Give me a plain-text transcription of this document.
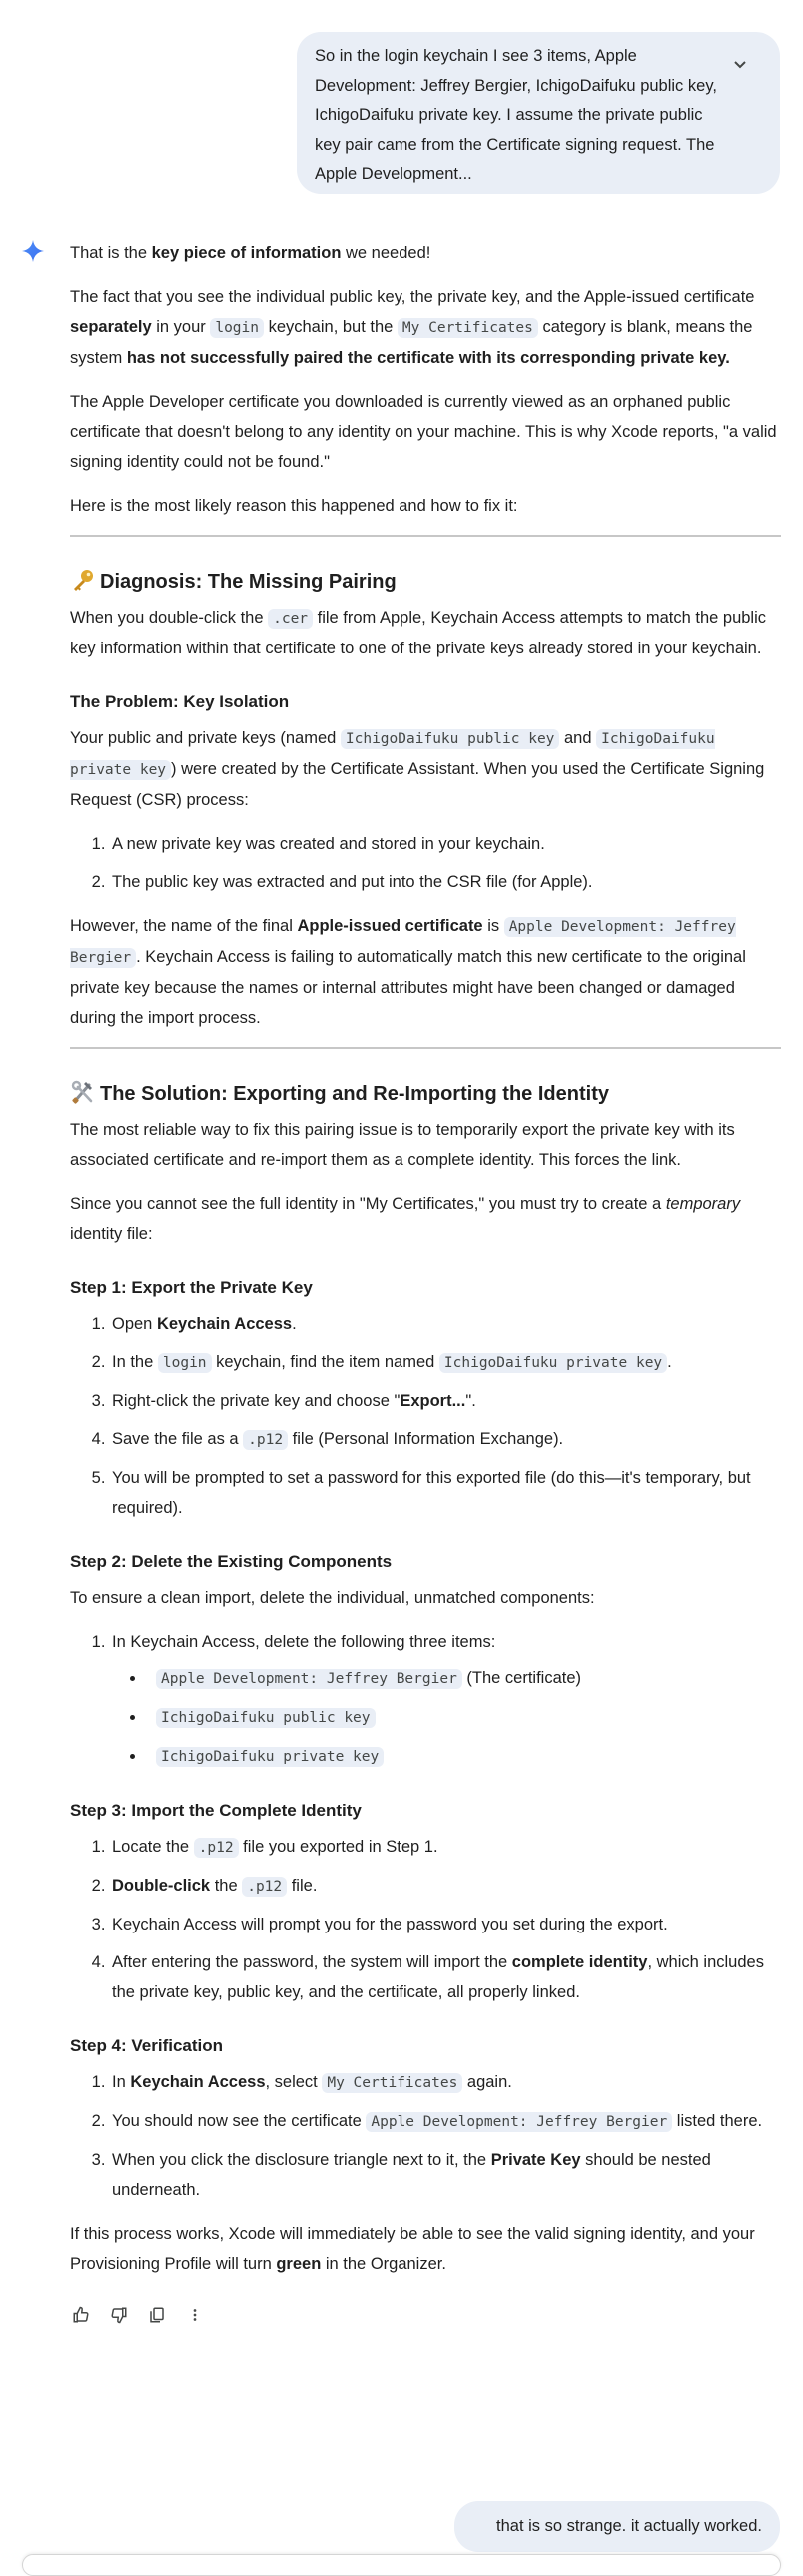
So in the login keychain I see 3 items, Apple Development: Jeffrey Bergier, IchigoDaifuku public key, IchigoDaifuku private key. I assume the private public key pair came from the Certificate signing request. The Apple Development...

That is the key piece of information we needed!

The fact that you see the individual public key, the private key, and the Apple-issued certificate separately in your login keychain, but the My Certificates category is blank, means the system has not successfully paired the certificate with its corresponding private key.

The Apple Developer certificate you downloaded is currently viewed as an orphaned public certificate that doesn't belong to any identity on your machine. This is why Xcode reports, "a valid signing identity could not be found."

Here is the most likely reason this happened and how to fix it:

Diagnosis: The Missing Pairing

When you double-click the .cer file from Apple, Keychain Access attempts to match the public key information within that certificate to one of the private keys already stored in your keychain.

The Problem: Key Isolation

Your public and private keys (named IchigoDaifuku public key and IchigoDaifuku private key ) were created by the Certificate Assistant. When you used the Certificate Signing Request (CSR) process:

1. A new private key was created and stored in your keychain.
2. The public key was extracted and put into the CSR file (for Apple).

However, the name of the final Apple-issued certificate is Apple Development: Jeffrey Bergier . Keychain Access is failing to automatically match this new certificate to the original private key because the names or internal attributes might have been changed or damaged during the import process.

The Solution: Exporting and Re-Importing the Identity

The most reliable way to fix this pairing issue is to temporarily export the private key with its associated certificate and re-import them as a complete identity. This forces the link.

Since you cannot see the full identity in "My Certificates," you must try to create a temporary identity file:

Step 1: Export the Private Key
1. Open Keychain Access.
2. In the login keychain, find the item named IchigoDaifuku private key .
3. Right-click the private key and choose "Export...".
4. Save the file as a .p12 file (Personal Information Exchange).
5. You will be prompted to set a password for this exported file (do this—it's temporary, but required).
Step 2: Delete the Existing Components

To ensure a clean import, delete the individual, unmatched components:

1. In Keychain Access, delete the following three items:
• Apple Development: Jeffrey Bergier (The certificate)
• IchigoDaifuku public key
• IchigoDaifuku private key
Step 3: Import the Complete Identity
1. Locate the .p12 file you exported in Step 1.
2. Double-click the .p12 file.
3. Keychain Access will prompt you for the password you set during the export.
4. After entering the password, the system will import the complete identity, which includes the private key, public key, and the certificate, all properly linked.
Step 4: Verification
1. In Keychain Access, select My Certificates again.
2. You should now see the certificate Apple Development: Jeffrey Bergier listed there.
3. When you click the disclosure triangle next to it, the Private Key should be nested underneath.

If this process works, Xcode will immediately be able to see the valid signing identity, and your Provisioning Profile will turn green in the Organizer.

that is so strange. it actually worked.
